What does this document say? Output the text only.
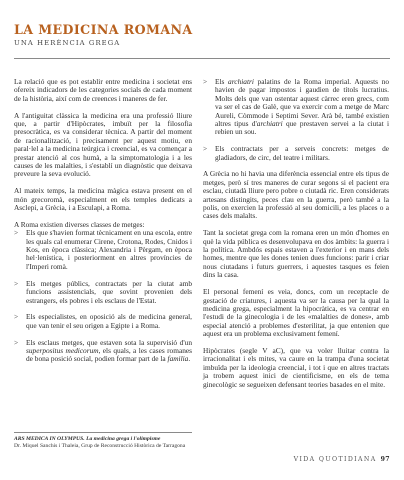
LA MEDICINA ROMANA
UNA HERÈNCIA GREGA

La relació que es pot establir entre medicina i societat ens ofereix indicadors de les categories socials de cada moment de la història, així com de creences i maneres de fer.

A l'antiguitat clàssica la medicina era una professió lliure que, a partir d'Hipòcrates, imbuït per la filosofia presocràtica, es va considerar tècnica. A partir del moment de racionalització, i precisament per aquest motiu, en paral·lel a la medicina teúrgica i creencial, es va començar a prestar atenció al cos humà, a la simptomatologia i a les causes de les malalties, i s'establí un diagnòstic que deixava preveure la seva evolució.

Al mateix temps, la medicina màgica estava present en el món grecoromà, especialment en els temples dedicats a Asclepi, a Grècia, i a Esculapi, a Roma.

A Roma existien diverses classes de metges:

> Els que s'havien format tècnicament en una escola, entre les quals cal enumerar Cirene, Crotona, Rodes, Cnidos i Kos, en època clàssica; Alexandria i Pèrgam, en època hel·lenística, i posteriorment en altres províncies de l'Imperi romà.
> Els metges públics, contractats per la ciutat amb funcions assistencials, que sovint provenien dels estrangers, els pobres i els esclaus de l'Estat.
> Els especialistes, en oposició als de medicina general, que van tenir el seu origen a Egipte i a Roma.
> Els esclaus metges, que estaven sota la supervisió d'un superpositus medicorum, els quals, a les cases romanes de bona posició social, podien formar part de la familia.
> Els archiatri palatins de la Roma imperial. Aquests no havien de pagar impostos i gaudien de títols lucratius. Molts dels que van ostentar aquest càrrec eren grecs, com va ser el cas de Galè, que va exercir com a metge de Marc Aureli, Còmmode i Septimi Sever. Arà bé, també existien altres tipus d'archiatri que prestaven servei a la ciutat i rebien un sou.
> Els contractats per a serveis concrets: metges de gladiadors, de circ, del teatre i militars.

A Grècia no hi havia una diferència essencial entre els tipus de metges, però sí tres maneres de curar segons si el pacient era esclau, ciutadà lliure pero pobre o ciutadà ric. Eren considerats artesans distingits, peces clau en la guerra, però també a la polis, on exercien la professió al seu domicili, a les places o a cases dels malalts.

Tant la societat grega com la romana eren un món d'homes en què la vida pública es desenvolupava en dos àmbits: la guerra i la política. Ambdós espais estaven a l'exterior i en mans dels homes, mentre que les dones tenien dues funcions: parir i criar nous ciutadans i futurs guerrers, i aquestes tasques es feien dins la casa.

El personal femení es veia, doncs, com un receptacle de gestació de criatures, i aquesta va ser la causa per la qual la medicina grega, especialment la hipocràtica, es va centrar en l'estudi de la ginecologia i de les «malalties de dones», amb especial atenció a problemes d'esterilitat, ja que entenien que aquest era un problema exclusivament femení.

Hipòcrates (segle V aC), que va voler lluitar contra la irracionalitat i els mites, va caure en la trampa d'una societat imbuïda per la ideologia creencial, i tot i que en altres tractats ja trobem aquest inici de cientificisme, en els de tema ginecològic se segueixen defensant teories basades en el mite.

ARS MEDICA IN OLYMPUS. La medicina grega i l'olimpisme
Dr. Miquel Sanchis i Thaleia, Grup de Reconstrucció Històrica de Tarragona
VIDA QUOTIDIANA 97
